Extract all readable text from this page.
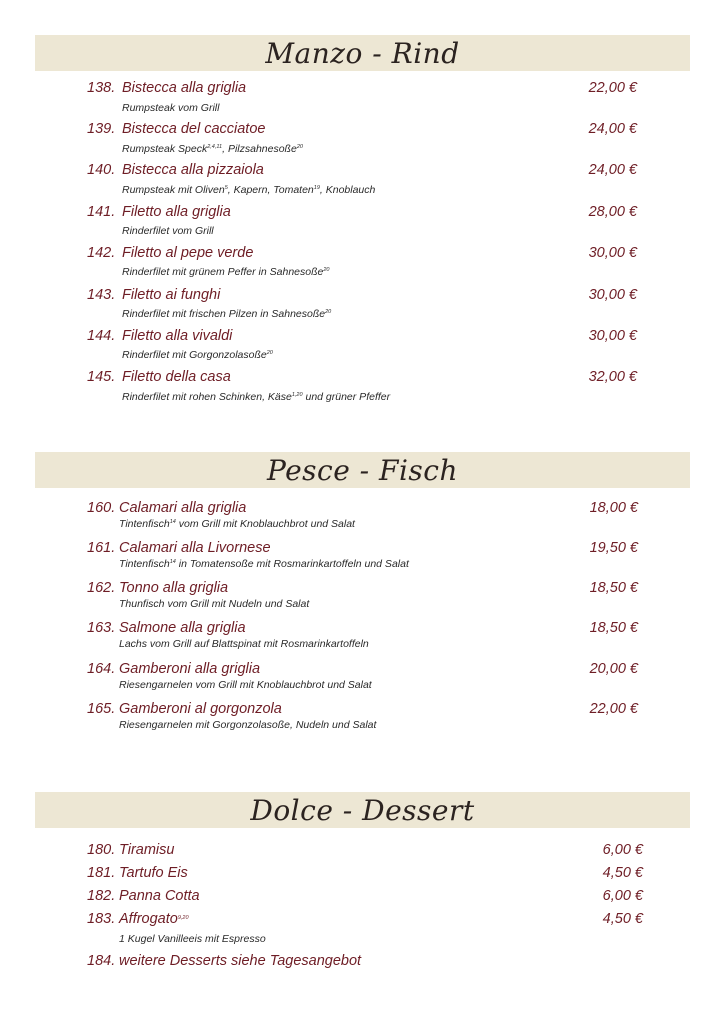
Manzo - Rind
138. Bistecca alla griglia	22,00 €
Rumpsteak vom Grill
139. Bistecca del cacciatoe	24,00 €
Rumpsteak Speck$^{2,4,11}$, Pilzsahnesoße$^{20}$
140. Bistecca alla pizzaiola	24,00 €
Rumpsteak mit Oliven$^5$, Kapern, Tomaten$^{19}$, Knoblauch
141. Filetto alla griglia	28,00 €
Rinderfilet vom Grill
142. Filetto al pepe verde	30,00 €
Rinderfilet mit grünem Peffer in Sahnesoße$^{20}$
143. Filetto ai funghi	30,00 €
Rinderfilet mit frischen Pilzen in Sahnesoße$^{20}$
144. Filetto alla vivaldi	30,00 €
Rinderfilet mit Gorgonzolasoße$^{20}$
145. Filetto della casa	32,00 €
Rinderfilet mit rohen Schinken, Käse$^{1,20}$ und grüner Pfeffer
Pesce - Fisch
160. Calamari alla griglia	18,00 €
Tintenfisch$^{14}$ vom Grill mit Knoblauchbrot und Salat
161. Calamari alla Livornese	19,50 €
Tintenfisch$^{14}$ in Tomatensoße mit Rosmarinkartoffeln und Salat
162. Tonno alla griglia	18,50 €
Thunfisch vom Grill mit Nudeln und Salat
163. Salmone alla griglia	18,50 €
Lachs vom Grill auf Blattspinat mit Rosmarinkartoffeln
164. Gamberoni alla griglia	20,00 €
Riesengarnelen vom Grill mit Knoblauchbrot und Salat
165. Gamberoni al gorgonzola	22,00 €
Riesengarnelen mit Gorgonzolasoße, Nudeln und Salat
Dolce - Dessert
180. Tiramisu	6,00 €
181. Tartufo Eis	4,50 €
182. Panna Cotta	6,00 €
183. Affrogato$^{9,20}$	4,50 €
1 Kugel Vanilleeis mit Espresso
184. weitere Desserts siehe Tagesangebot
